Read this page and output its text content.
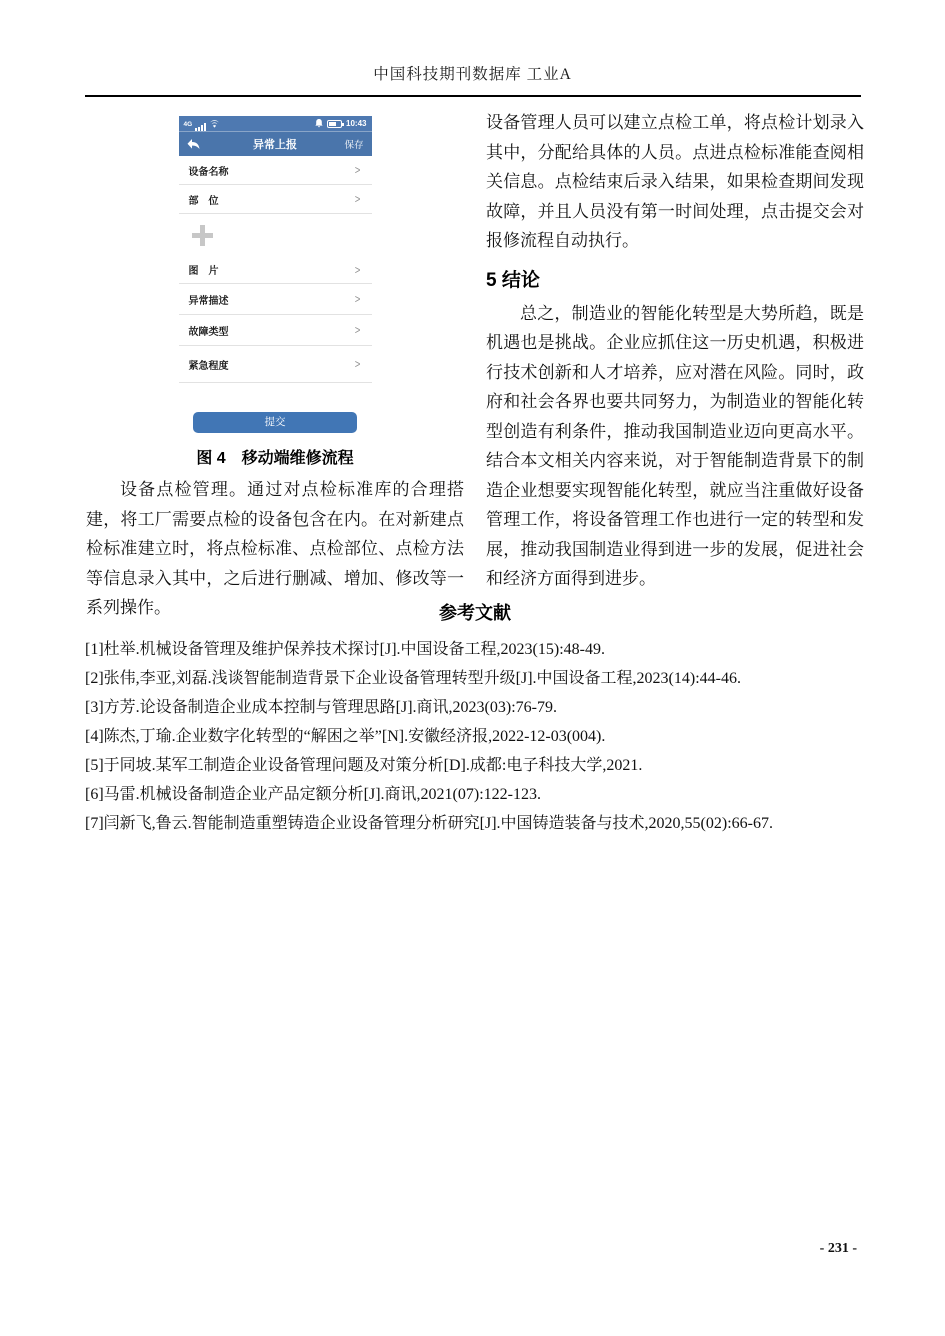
中国科技期刊数据库 工业A
4G	10:43
异常上报	保存
设备名称	>
部　位	>
图　片	>
异常描述	>
故障类型	>
紧急程度	>
提交
图 4　移动端维修流程

设备点检管理。通过对点检标准库的合理搭建，将工厂需要点检的设备包含在内。在对新建点检标准建立时，将点检标准、点检部位、点检方法等信息录入其中，之后进行删减、增加、修改等一系列操作。

设备管理人员可以建立点检工单，将点检计划录入其中，分配给具体的人员。点进点检标准能查阅相关信息。点检结束后录入结果，如果检查期间发现故障，并且人员没有第一时间处理，点击提交会对报修流程自动执行。

5 结论

总之，制造业的智能化转型是大势所趋，既是机遇也是挑战。企业应抓住这一历史机遇，积极进行技术创新和人才培养，应对潜在风险。同时，政府和社会各界也要共同努力，为制造业的智能化转型创造有利条件，推动我国制造业迈向更高水平。结合本文相关内容来说，对于智能制造背景下的制造企业想要实现智能化转型，就应当注重做好设备管理工作，将设备管理工作也进行一定的转型和发展，推动我国制造业得到进一步的发展，促进社会和经济方面得到进步。

参考文献
[1]杜举.机械设备管理及维护保养技术探讨[J].中国设备工程,2023(15):48-49.
[2]张伟,李亚,刘磊.浅谈智能制造背景下企业设备管理转型升级[J].中国设备工程,2023(14):44-46.
[3]方芳.论设备制造企业成本控制与管理思路[J].商讯,2023(03):76-79.
[4]陈杰,丁瑜.企业数字化转型的“解困之举”[N].安徽经济报,2022-12-03(004).
[5]于同坡.某军工制造企业设备管理问题及对策分析[D].成都:电子科技大学,2021.
[6]马雷.机械设备制造企业产品定额分析[J].商讯,2021(07):122-123.
[7]闫新飞,鲁云.智能制造重塑铸造企业设备管理分析研究[J].中国铸造装备与技术,2020,55(02):66-67.
- 231 -
